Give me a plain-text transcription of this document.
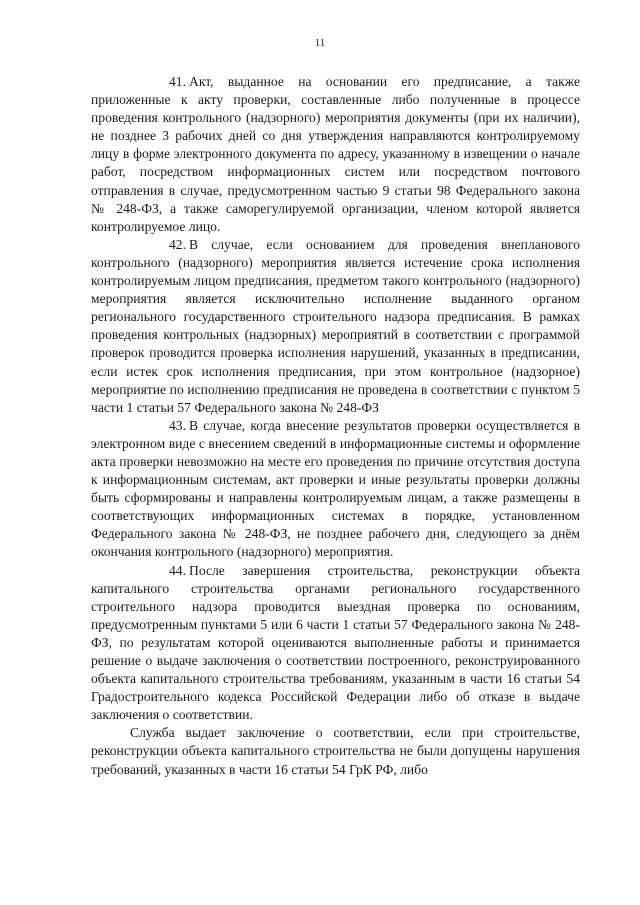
11

41. Акт, выданное на основании его предписание, а также приложенные к акту проверки, составленные либо полученные в процессе проведения контрольного (надзорного) мероприятия документы (при их наличии), не позднее 3 рабочих дней со дня утверждения направляются контролируемому лицу в форме электронного документа по адресу, указанному в извещении о начале работ, посредством информационных систем или посредством почтового отправления в случае, предусмотренном частью 9 статьи 98 Федерального закона № 248-ФЗ, а также саморегулируемой организации, членом которой является контролируемое лицо.

42. В случае, если основанием для проведения внепланового контрольного (надзорного) мероприятия является истечение срока исполнения контролируемым лицом предписания, предметом такого контрольного (надзорного) мероприятия является исключительно исполнение выданного органом регионального государственного строительного надзора предписания. В рамках проведения контрольных (надзорных) мероприятий в соответствии с программой проверок проводится проверка исполнения нарушений, указанных в предписании, если истек срок исполнения предписания, при этом контрольное (надзорное) мероприятие по исполнению предписания не проведена в соответствии с пунктом 5 части 1 статьи 57 Федерального закона № 248-ФЗ

43. В случае, когда внесение результатов проверки осуществляется в электронном виде с внесением сведений в информационные системы и оформление акта проверки невозможно на месте его проведения по причине отсутствия доступа к информационным системам, акт проверки и иные результаты проверки должны быть сформированы и направлены контролируемым лицам, а также размещены в соответствующих информационных системах в порядке, установленном Федерального закона № 248-ФЗ, не позднее рабочего дня, следующего за днём окончания контрольного (надзорного) мероприятия.

44. После завершения строительства, реконструкции объекта капитального строительства органами регионального государственного строительного надзора проводится выездная проверка по основаниям, предусмотренным пунктами 5 или 6 части 1 статьи 57 Федерального закона № 248-ФЗ, по результатам которой оцениваются выполненные работы и принимается решение о выдаче заключения о соответствии построенного, реконструированного объекта капитального строительства требованиям, указанным в части 16 статьи 54 Градостроительного кодекса Российской Федерации либо об отказе в выдаче заключения о соответствии.

Служба выдает заключение о соответствии, если при строительстве, реконструкции объекта капитального строительства не были допущены нарушения требований, указанных в части 16 статьи 54 ГрК РФ, либо
